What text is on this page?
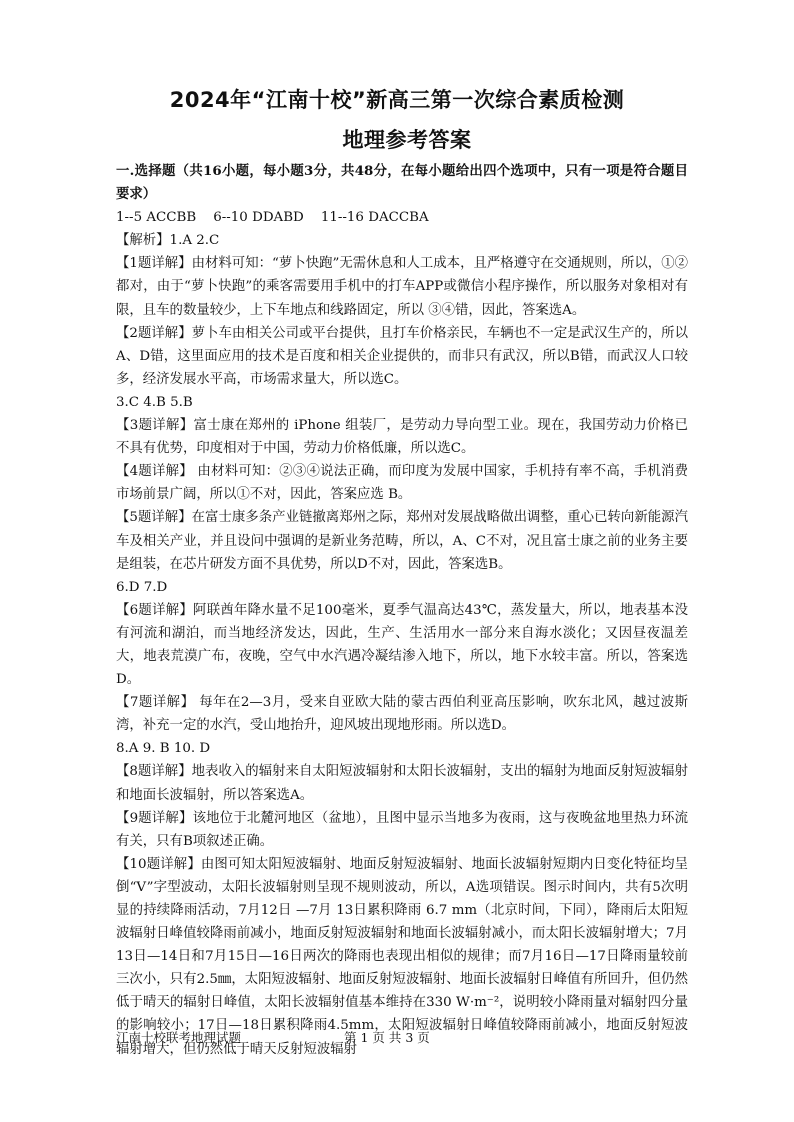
2024年“江南十校”新高三第一次综合素质检测
地理参考答案

一.选择题（共16小题，每小题3分，共48分，在每小题给出四个选项中，只有一项是符合题目要求）

1--5 ACCBB    6--10 DDABD    11--16 DACCBA

【解析】1.A 2.C

【1题详解】由材料可知：“萝卜快跑”无需休息和人工成本，且严格遵守在交通规则，所以，①②都对，由于“萝卜快跑”的乘客需要用手机中的打车APP或微信小程序操作，所以服务对象相对有限，且车的数量较少，上下车地点和线路固定，所以 ③④错，因此，答案选A。

【2题详解】萝卜车由相关公司或平台提供，且打车价格亲民，车辆也不一定是武汉生产的，所以A、D错，这里面应用的技术是百度和相关企业提供的，而非只有武汉，所以B错，而武汉人口较多，经济发展水平高，市场需求量大，所以选C。

3.C 4.B 5.B

【3题详解】富士康在郑州的 iPhone 组装厂，是劳动力导向型工业。现在，我国劳动力价格已不具有优势，印度相对于中国，劳动力价格低廉，所以选C。

【4题详解】 由材料可知：②③④说法正确，而印度为发展中国家，手机持有率不高，手机消费市场前景广阔，所以①不对，因此，答案应选 B。

【5题详解】在富士康多条产业链撤离郑州之际，郑州对发展战略做出调整，重心已转向新能源汽车及相关产业，并且设问中强调的是新业务范畴，所以，A、C不对，况且富士康之前的业务主要是组装，在芯片研发方面不具优势，所以D不对，因此，答案选B。

6.D 7.D

【6题详解】阿联酋年降水量不足100毫米，夏季气温高达43℃，蒸发量大，所以，地表基本没有河流和湖泊，而当地经济发达，因此，生产、生活用水一部分来自海水淡化；又因昼夜温差大，地表荒漠广布，夜晚，空气中水汽遇冷凝结渗入地下，所以，地下水较丰富。所以，答案选D。

【7题详解】 每年在2—3月，受来自亚欧大陆的蒙古西伯利亚高压影响，吹东北风，越过波斯湾，补充一定的水汽，受山地抬升，迎风坡出现地形雨。所以选D。

8.A 9. B 10. D

【8题详解】地表收入的辐射来自太阳短波辐射和太阳长波辐射，支出的辐射为地面反射短波辐射和地面长波辐射，所以答案选A。

【9题详解】该地位于北麓河地区（盆地），且图中显示当地多为夜雨，这与夜晚盆地里热力环流有关，只有B项叙述正确。

【10题详解】由图可知太阳短波辐射、地面反射短波辐射、地面长波辐射短期内日变化特征均呈倒“V”字型波动，太阳长波辐射则呈现不规则波动，所以，A选项错误。图示时间内，共有5次明显的持续降雨活动，7月12日 —7月 13日累积降雨 6.7 mm（北京时间，下同），降雨后太阳短波辐射日峰值较降雨前减小，地面反射短波辐射和地面长波辐射减小，而太阳长波辐射增大；7月13日—14日和7月15日—16日两次的降雨也表现出相似的规律；而7月16日—17日降雨量较前三次小，只有2.5㎜，太阳短波辐射、地面反射短波辐射、地面长波辐射日峰值有所回升，但仍然低于晴天的辐射日峰值，太阳长波辐射值基本维持在330 W·m⁻²，说明较小降雨量对辐射四分量的影响较小；17日—18日累积降雨4.5mm，太阳短波辐射日峰值较降雨前减小，地面反射短波辐射增大，但仍然低于晴天反射短波辐射

江南十校联考地理试题	第 1 页 共 3 页
